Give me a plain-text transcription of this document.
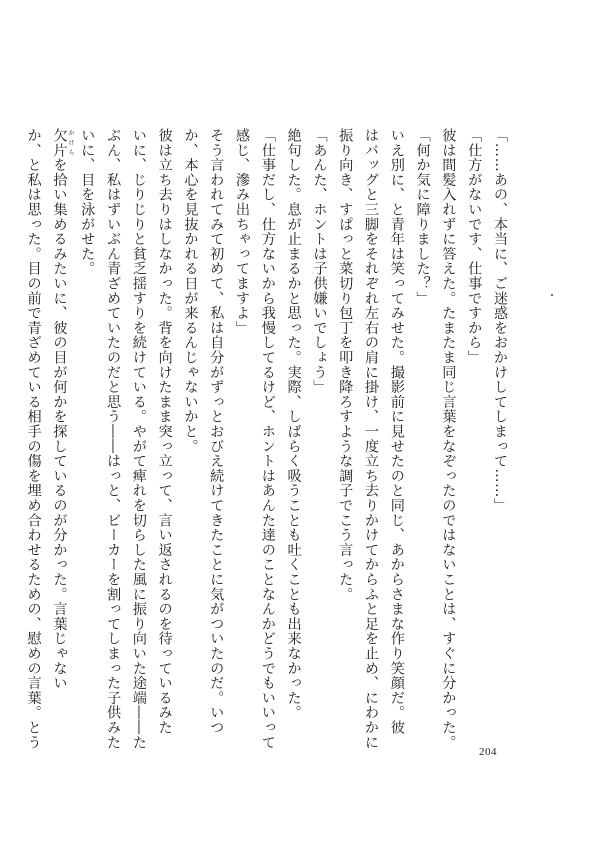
「……あの、本当に、ご迷惑をおかけしてしまって……」
「仕方がないです、仕事ですから」
彼は間髪入れずに答えた。たまたま同じ言葉をなぞったのではないことは、すぐに分かった。
「何か気に障りました？」
いえ別に、と青年は笑ってみせた。撮影前に見せたのと同じ、あからさまな作り笑顔だ。彼
はバッグと三脚をそれぞれ左右の肩に掛け、一度立ち去りかけてからふと足を止め、にわかに
振り向き、すぱっと菜切り包丁を叩き降ろすような調子でこう言った。
「あんた、ホントは子供嫌いでしょう」
絶句した。息が止まるかと思った。実際、しばらく吸うことも吐くことも出来なかった。
「仕事だし、仕方ないから我慢してるけど、ホントはあんた達のことなんかどうでもいいって
感じ、滲み出ちゃってますよ」
そう言われてみて初めて、私は自分がずっとおびえ続けてきたことに気がついたのだ。いつ
か、本心を見抜かれる日が来るんじゃないかと。
彼は立ち去りはしなかった。背を向けたまま突っ立って、言い返されるのを待っているみた
いに、じりじりと貧乏揺すりを続けている。やがて痺れを切らした風に振り向いた途端――た
ぶん、私はずいぶん青ざめていたのだと思う――はっと、ビーカーを割ってしまった子供みた
いに、目を泳がせた。
欠片 かけらを拾い集めるみたいに、彼の目が何かを探しているのが分かった。言葉じゃない
か、と私は思った。目の前で青ざめている相手の傷を埋め合わせるための、慰めの言葉。とう
204
